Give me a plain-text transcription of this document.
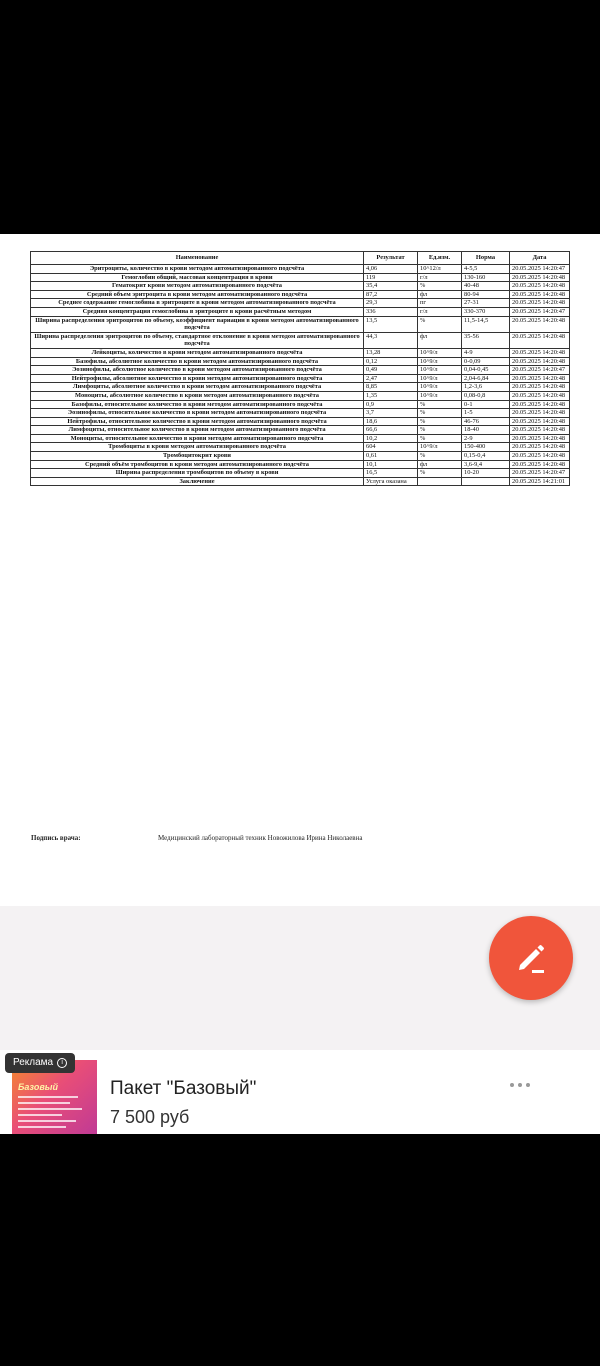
Наименование	Результат	Ед.изм.	Норма	Дата
Эритроциты, количество в крови методом автоматизированного подсчёта	4,06	10^12/л	4-5,5	20.05.2025 14:20:47
Гемоглобин общий, массовая концентрация в крови	119	г/л	130-160	20.05.2025 14:20:48
Гематокрит крови методом автоматизированного подсчёта	35,4	%	40-48	20.05.2025 14:20:48
Средний объем эритроцита в крови методом автоматизированного подсчёта	87,2	фл	80-94	20.05.2025 14:20:48
Среднее содержание гемоглобина в эритроците в крови методом автоматизированного подсчёта	29,3	пг	27-31	20.05.2025 14:20:48
Средняя концентрация гемоглобина в эритроците в крови расчётным методом	336	г/л	330-370	20.05.2025 14:20:47
Ширина распределения эритроцитов по объему, коэффициент вариации в крови методом автоматизированного подсчёта	13,5	%	11,5-14,5	20.05.2025 14:20:48
Ширина распределения эритроцитов по объему, стандартное отклонение в крови методом автоматизированного подсчёта	44,3	фл	35-56	20.05.2025 14:20:48
Лейкоциты, количество в крови методом автоматизированного подсчёта	13,28	10^9/л	4-9	20.05.2025 14:20:48
Базофилы, абсолютное количество в крови методом автоматизированного подсчёта	0,12	10^9/л	0-0,09	20.05.2025 14:20:48
Эозинофилы, абсолютное количество в крови методом автоматизированного подсчёта	0,49	10^9/л	0,04-0,45	20.05.2025 14:20:47
Нейтрофилы, абсолютное количество в крови методом автоматизированного подсчёта	2,47	10^9/л	2,04-6,84	20.05.2025 14:20:48
Лимфоциты, абсолютное количество в крови методом автоматизированного подсчёта	8,85	10^9/л	1,2-3,6	20.05.2025 14:20:48
Моноциты, абсолютное количество в крови методом автоматизированного подсчёта	1,35	10^9/л	0,08-0,8	20.05.2025 14:20:48
Базофилы, относительное количество в крови методом автоматизированного подсчёта	0,9	%	0-1	20.05.2025 14:20:48
Эозинофилы, относительное количество в крови методом автоматизированного подсчёта	3,7	%	1-5	20.05.2025 14:20:48
Нейтрофилы, относительное количество в крови методом автоматизированного подсчёта	18,6	%	46-76	20.05.2025 14:20:48
Лимфоциты, относительное количество в крови методом автоматизированного подсчёта	66,6	%	18-40	20.05.2025 14:20:48
Моноциты, относительное количество в крови методом автоматизированного подсчёта	10,2	%	2-9	20.05.2025 14:20:48
Тромбоциты в крови методом автоматизированного подсчёта	604	10^9/л	150-400	20.05.2025 14:20:48
Тромбоцитокрит крови	0,61	%	0,15-0,4	20.05.2025 14:20:48
Средний объём тромбоцитов в крови методом автоматизированного подсчёта	10,1	фл	3,6-9,4	20.05.2025 14:20:48
Ширина распределения тромбоцитов по объему в крови	16,5	%	10-20	20.05.2025 14:20:47
Заключение	Услуга оказана			20.05.2025 14:21:01
Подпись врача:	Медицинский лабораторный техник Новожилова Ирина Николаевна
Реклама	i
Базовый	Пакет "Базовый"
7 500 руб
